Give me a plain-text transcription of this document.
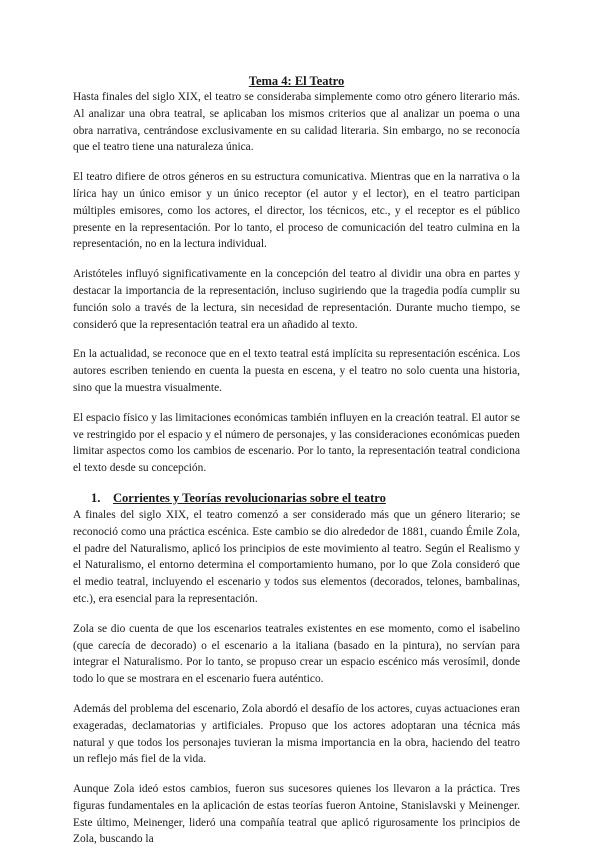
Tema 4: El Teatro

Hasta finales del siglo XIX, el teatro se consideraba simplemente como otro género literario más. Al analizar una obra teatral, se aplicaban los mismos criterios que al analizar un poema o una obra narrativa, centrándose exclusivamente en su calidad literaria. Sin embargo, no se reconocía que el teatro tiene una naturaleza única.

El teatro difiere de otros géneros en su estructura comunicativa. Mientras que en la narrativa o la lírica hay un único emisor y un único receptor (el autor y el lector), en el teatro participan múltiples emisores, como los actores, el director, los técnicos, etc., y el receptor es el público presente en la representación. Por lo tanto, el proceso de comunicación del teatro culmina en la representación, no en la lectura individual.

Aristóteles influyó significativamente en la concepción del teatro al dividir una obra en partes y destacar la importancia de la representación, incluso sugiriendo que la tragedia podía cumplir su función solo a través de la lectura, sin necesidad de representación. Durante mucho tiempo, se consideró que la representación teatral era un añadido al texto.

En la actualidad, se reconoce que en el texto teatral está implícita su representación escénica. Los autores escriben teniendo en cuenta la puesta en escena, y el teatro no solo cuenta una historia, sino que la muestra visualmente.

El espacio físico y las limitaciones económicas también influyen en la creación teatral. El autor se ve restringido por el espacio y el número de personajes, y las consideraciones económicas pueden limitar aspectos como los cambios de escenario. Por lo tanto, la representación teatral condiciona el texto desde su concepción.

1.	Corrientes y Teorías revolucionarias sobre el teatro

A finales del siglo XIX, el teatro comenzó a ser considerado más que un género literario; se reconoció como una práctica escénica. Este cambio se dio alrededor de 1881, cuando Émile Zola, el padre del Naturalismo, aplicó los principios de este movimiento al teatro. Según el Realismo y el Naturalismo, el entorno determina el comportamiento humano, por lo que Zola consideró que el medio teatral, incluyendo el escenario y todos sus elementos (decorados, telones, bambalinas, etc.), era esencial para la representación.

Zola se dio cuenta de que los escenarios teatrales existentes en ese momento, como el isabelino (que carecía de decorado) o el escenario a la italiana (basado en la pintura), no servían para integrar el Naturalismo. Por lo tanto, se propuso crear un espacio escénico más verosímil, donde todo lo que se mostrara en el escenario fuera auténtico.

Además del problema del escenario, Zola abordó el desafío de los actores, cuyas actuaciones eran exageradas, declamatorias y artificiales. Propuso que los actores adoptaran una técnica más natural y que todos los personajes tuvieran la misma importancia en la obra, haciendo del teatro un reflejo más fiel de la vida.

Aunque Zola ideó estos cambios, fueron sus sucesores quienes los llevaron a la práctica. Tres figuras fundamentales en la aplicación de estas teorías fueron Antoine, Stanislavski y Meinenger. Este último, Meinenger, lideró una compañía teatral que aplicó rigurosamente los principios de Zola, buscando la
